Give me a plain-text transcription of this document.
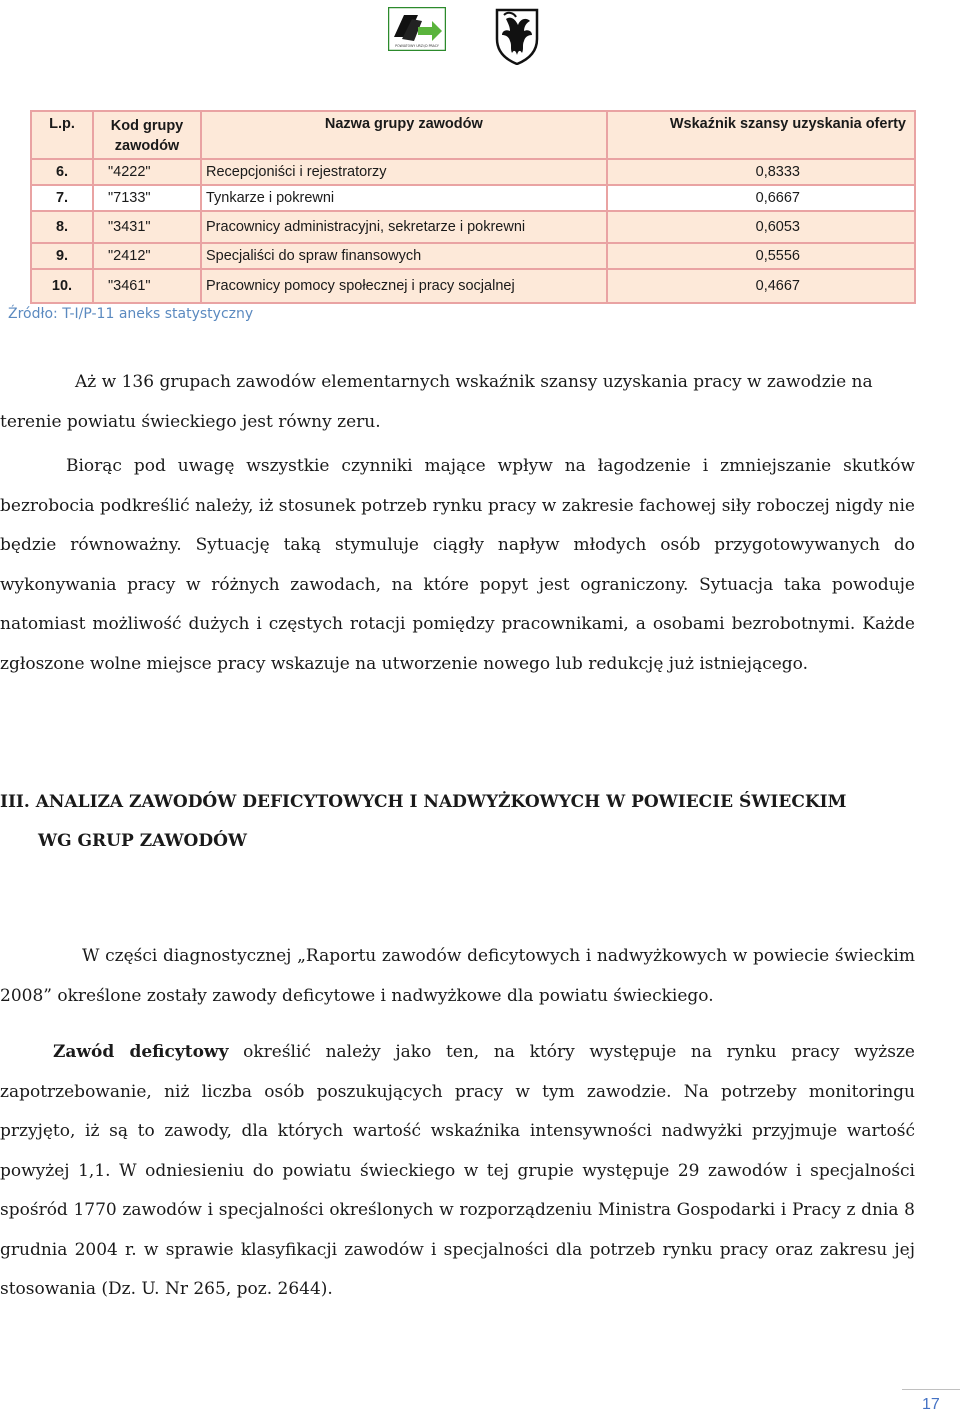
POWIATOWY URZĄD PRACY
L.p.	Kod grupy zawodów	Nazwa grupy zawodów	Wskaźnik szansy uzyskania oferty
6.	"4222"	Recepcjoniści i rejestratorzy	0,8333
7.	"7133"	Tynkarze i pokrewni	0,6667
8.	"3431"	Pracownicy administracyjni, sekretarze i pokrewni	0,6053
9.	"2412"	Specjaliści do spraw finansowych	0,5556
10.	"3461"	Pracownicy pomocy społecznej i pracy socjalnej	0,4667
Źródło: T-I/P-11 aneks statystyczny

Aż w 136 grupach zawodów elementarnych wskaźnik szansy uzyskania pracy w zawodzie na terenie powiatu świeckiego jest równy zeru.

Biorąc pod uwagę wszystkie czynniki mające wpływ na łagodzenie i zmniejszanie skutków bezrobocia podkreślić należy, iż stosunek potrzeb rynku pracy w zakresie fachowej siły roboczej nigdy nie będzie równoważny. Sytuację taką stymuluje ciągły napływ młodych osób przygotowywanych do wykonywania pracy w różnych zawodach, na które popyt jest ograniczony. Sytuacja taka powoduje natomiast możliwość dużych i częstych rotacji pomiędzy pracownikami, a osobami bezrobotnymi. Każde zgłoszone wolne miejsce pracy wskazuje na utworzenie nowego lub redukcję już istniejącego.

III. ANALIZA ZAWODÓW DEFICYTOWYCH I NADWYŻKOWYCH W POWIECIE ŚWIECKIM
WG GRUP ZAWODÓW

W części diagnostycznej „Raportu zawodów deficytowych i nadwyżkowych w powiecie świeckim 2008” określone zostały zawody deficytowe i nadwyżkowe dla powiatu świeckiego.

Zawód deficytowy określić należy jako ten, na który występuje na rynku pracy wyższe zapotrzebowanie, niż liczba osób poszukujących pracy w tym zawodzie. Na potrzeby monitoringu przyjęto, iż są to zawody, dla których wartość wskaźnika intensywności nadwyżki przyjmuje wartość powyżej 1,1. W odniesieniu do powiatu świeckiego w tej grupie występuje 29 zawodów i specjalności spośród 1770 zawodów i specjalności określonych w rozporządzeniu Ministra Gospodarki i Pracy z dnia 8 grudnia 2004 r. w sprawie klasyfikacji zawodów i specjalności dla potrzeb rynku pracy oraz zakresu jej stosowania (Dz. U. Nr 265, poz. 2644).

17
